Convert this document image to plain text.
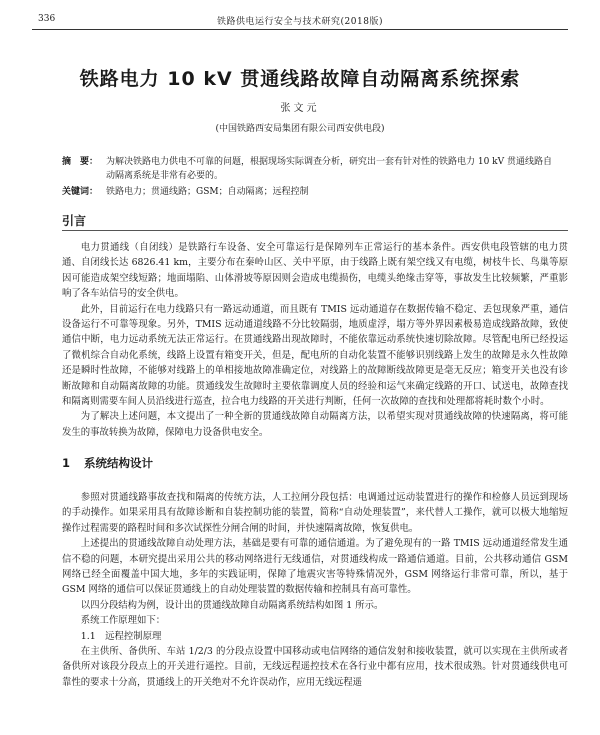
336	铁路供电运行安全与技术研究(2018版)
铁路电力 10 kV 贯通线路故障自动隔离系统探索
张文元
(中国铁路西安局集团有限公司西安供电段)
摘　要： 为解决铁路电力供电不可靠的问题，根据现场实际调查分析，研究出一套有针对性的铁路电力 10 kV 贯通线路自动隔离系统是非常有必要的。
关键词： 铁路电力；贯通线路；GSM；自动隔离；远程控制
引言

电力贯通线（自闭线）是铁路行车设备、安全可靠运行是保障列车正常运行的基本条件。西安供电段管辖的电力贯通、自闭线长达 6826.41 km，主要分布在秦岭山区、关中平原，由于线路上既有架空线又有电缆，树枝牛长、鸟巢等原因可能造成架空线短路；地面塌陷、山体滑坡等原因则会造成电缆损伤，电缆头绝缘击穿等，事故发生比较频繁，严重影响了各车站信号的安全供电。

此外，目前运行在电力线路只有一路远动通道，而且既有 TMIS 远动通道存在数据传输不稳定、丢包现象严重，通信设备运行不可靠等现象。另外，TMIS 远动通道线路不分比较隔弱，地质虚浮，塌方等外界因素极易造成线路故障，致使通信中断，电力远动系统无法正常运行。在贯通线路出现故障时，不能依靠远动系统快速切除故障。尽管配电所已经投运了微机综合自动化系统，线路上设置有箱变开关，但是，配电所的自动化装置不能够识别线路上发生的故障是永久性故障还是瞬时性故障，不能够对线路上的单相接地故障准确定位，对线路上的故障断线故障更是毫无反应；箱变开关也没有诊断故障和自动隔离故障的功能。贯通线发生故障时主要依靠调度人员的经验和运气来确定线路的开口、试送电，故障查找和隔离则需要车间人员沿线进行巡查，拉合电力线路的开关进行判断，任何一次故障的查找和处理都将耗时数个小时。

为了解决上述问题，本文提出了一种全新的贯通线故障自动隔离方法，以希望实现对贯通线故障的快速隔离，将可能发生的事故转换为故障，保障电力设备供电安全。

1 系统结构设计

参照对贯通线路事故查找和隔离的传统方法，人工拉闸分段包括：电调通过远动装置进行的操作和检修人员远到现场的手动操作。如果采用具有故障诊断和自装控制功能的装置，简称“自动处理装置”，来代替人工操作，就可以极大地缩短操作过程需要的路程时间和多次试探性分闸合闸的时间，并快速隔离故障，恢复供电。

上述提出的贯通线故障自动处理方法，基础是要有可靠的通信通道。为了避免现有的一路 TMIS 远动通道经常发生通信不稳的问题，本研究提出采用公共的移动网络进行无线通信，对贯通线构成一路通信通道。目前，公共移动通信 GSM 网络已经全面覆盖中国大地，多年的实践证明，保障了地震灾害等特殊情况外，GSM 网络运行非常可靠，所以，基于 GSM 网络的通信可以保证贯通线上的自动处理装置的数据传输和控制具有高可靠性。

以四分段结构为例，设计出的贯通线故障自动隔离系统结构如图 1 所示。

系统工作原理如下：

1.1　远程控制原理

在主供所、备供所、车站 1/2/3 的分段点设置中国移动或电信网络的通信发射和接收装置，就可以实现在主供所或者备供所对该段分段点上的开关进行遥控。目前，无线远程遥控技术在各行业中都有应用，技术很成熟。针对贯通线供电可靠性的要求十分高，贯通线上的开关绝对不允许误动作，应用无线远程遥
